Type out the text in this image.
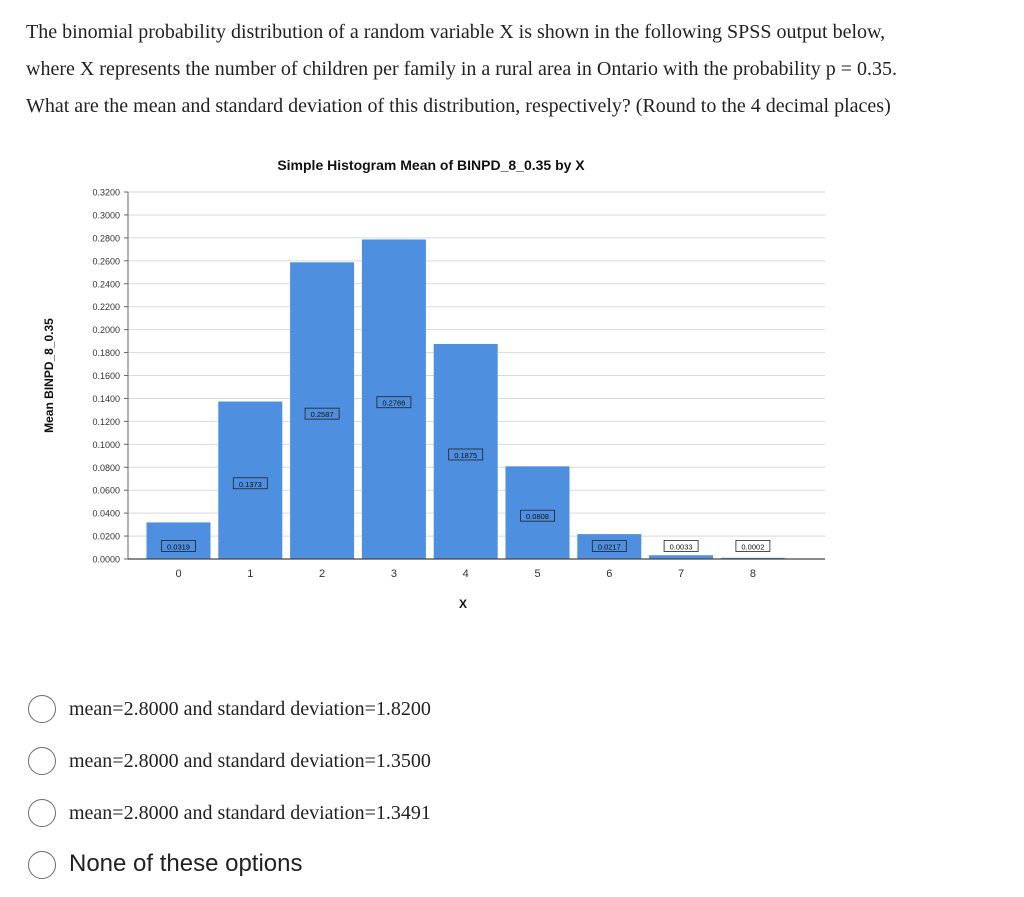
The binomial probability distribution of a random variable X is shown in the following SPSS output below,
where X represents the number of children per family in a rural area in Ontario with the probability p = 0.35.
What are the mean and standard deviation of this distribution, respectively? (Round to the 4 decimal places)

Simple Histogram Mean of BINPD_8_0.35 by X
0.0000
0.0200
0.0400
0.0600
0.0800
0.1000
0.1200
0.1400
0.1600
0.1800
0.2000
0.2200
0.2400
0.2600
0.2800
0.3000
0.3200
0.0319
0
0.1373
1
0.2587
2
0.2786
3
0.1875
4
0.0808
5
0.0217
6
0.0033
7
0.0002
8
X
Mean BINPD_8_0.35
mean=2.8000 and standard deviation=1.8200
mean=2.8000 and standard deviation=1.3500
mean=2.8000 and standard deviation=1.3491
None of these options
